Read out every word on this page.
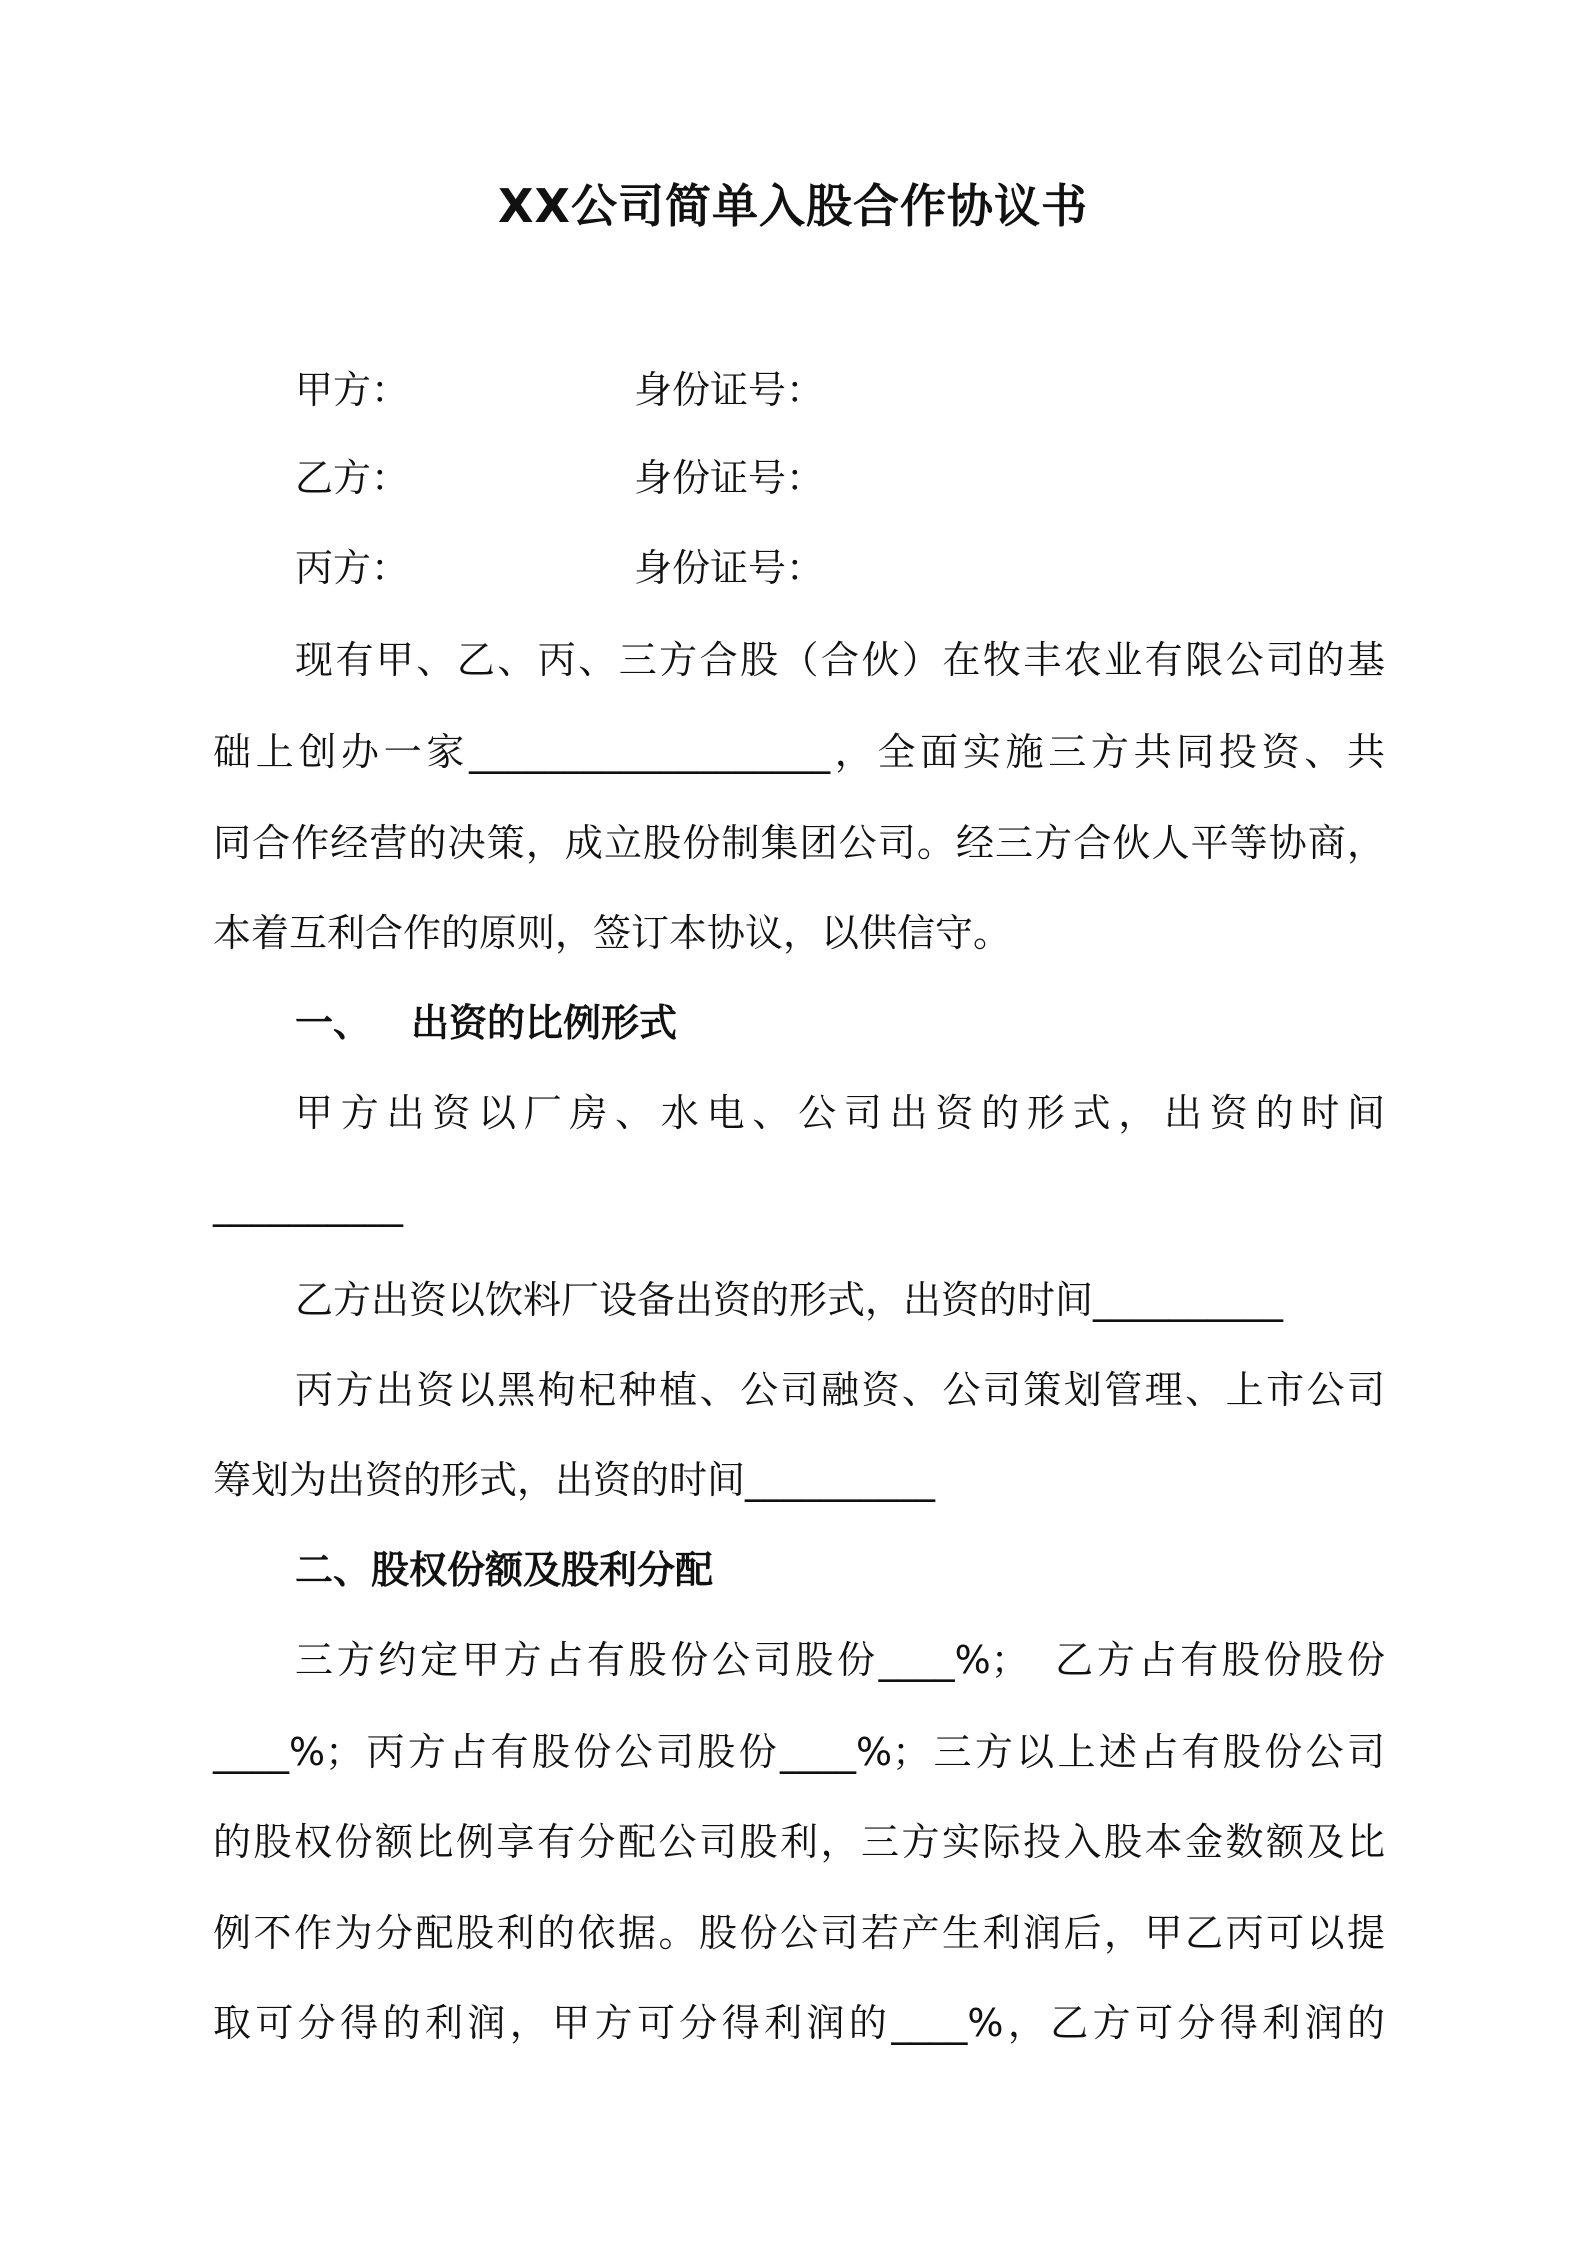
XX公司简单入股合作协议书
甲方：	身份证号：
乙方：	身份证号：
丙方：	身份证号：
现有甲、乙、丙、三方合股（合伙）在牧丰农业有限公司的基
础上创办一家___________________，全面实施三方共同投资、共
同合作经营的决策，成立股份制集团公司。经三方合伙人平等协商，
本着互利合作的原则，签订本协议，以供信守。
一、 出资的比例形式
甲方出资以厂房、水电、公司出资的形式，出资的时间
__________
乙方出资以饮料厂设备出资的形式，出资的时间__________
丙方出资以黑枸杞种植、公司融资、公司策划管理、上市公司
筹划为出资的形式，出资的时间__________
二、股权份额及股利分配
三方约定甲方占有股份公司股份____%；　乙方占有股份股份
____%；丙方占有股份公司股份____%；三方以上述占有股份公司
的股权份额比例享有分配公司股利，三方实际投入股本金数额及比
例不作为分配股利的依据。股份公司若产生利润后，甲乙丙可以提
取可分得的利润，甲方可分得利润的____%，乙方可分得利润的
